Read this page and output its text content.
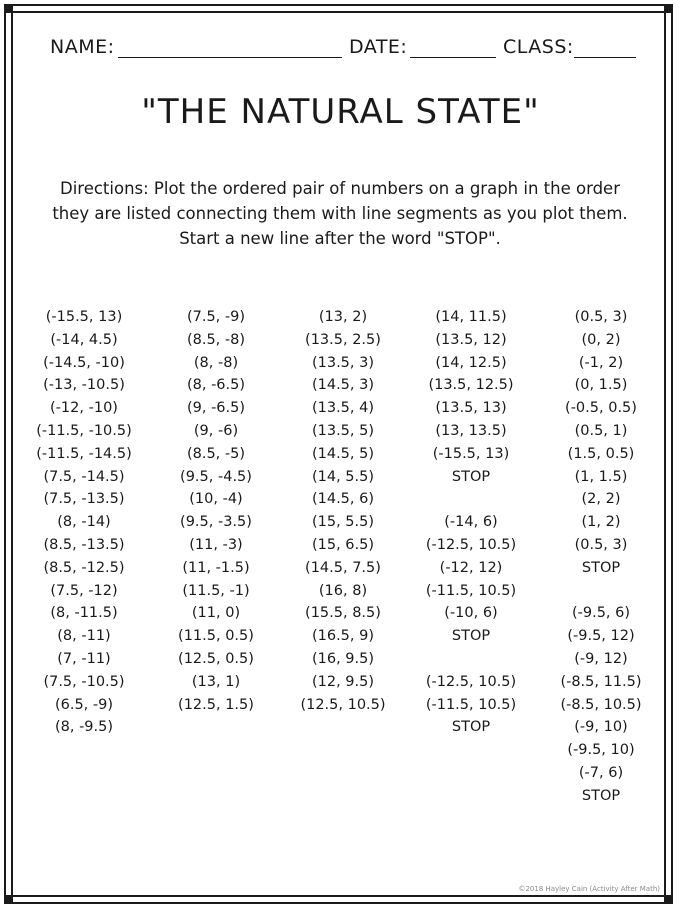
NAME:	DATE:	CLASS:
"THE NATURAL STATE"
Directions: Plot the ordered pair of numbers on a graph in the order
they are listed connecting them with line segments as you plot them.
Start a new line after the word "STOP".
(-15.5, 13)
(-14, 4.5)
(-14.5, -10)
(-13, -10.5)
(-12, -10)
(-11.5, -10.5)
(-11.5, -14.5)
(7.5, -14.5)
(7.5, -13.5)
(8, -14)
(8.5, -13.5)
(8.5, -12.5)
(7.5, -12)
(8, -11.5)
(8, -11)
(7, -11)
(7.5, -10.5)
(6.5, -9)
(8, -9.5)
(7.5, -9)
(8.5, -8)
(8, -8)
(8, -6.5)
(9, -6.5)
(9, -6)
(8.5, -5)
(9.5, -4.5)
(10, -4)
(9.5, -3.5)
(11, -3)
(11, -1.5)
(11.5, -1)
(11, 0)
(11.5, 0.5)
(12.5, 0.5)
(13, 1)
(12.5, 1.5)
(13, 2)
(13.5, 2.5)
(13.5, 3)
(14.5, 3)
(13.5, 4)
(13.5, 5)
(14.5, 5)
(14, 5.5)
(14.5, 6)
(15, 5.5)
(15, 6.5)
(14.5, 7.5)
(16, 8)
(15.5, 8.5)
(16.5, 9)
(16, 9.5)
(12, 9.5)
(12.5, 10.5)
(14, 11.5)
(13.5, 12)
(14, 12.5)
(13.5, 12.5)
(13.5, 13)
(13, 13.5)
(-15.5, 13)
STOP
(-14, 6)
(-12.5, 10.5)
(-12, 12)
(-11.5, 10.5)
(-10, 6)
STOP
(-12.5, 10.5)
(-11.5, 10.5)
STOP
(0.5, 3)
(0, 2)
(-1, 2)
(0, 1.5)
(-0.5, 0.5)
(0.5, 1)
(1.5, 0.5)
(1, 1.5)
(2, 2)
(1, 2)
(0.5, 3)
STOP
(-9.5, 6)
(-9.5, 12)
(-9, 12)
(-8.5, 11.5)
(-8.5, 10.5)
(-9, 10)
(-9.5, 10)
(-7, 6)
STOP
©2018 Hayley Cain (Activity After Math)
